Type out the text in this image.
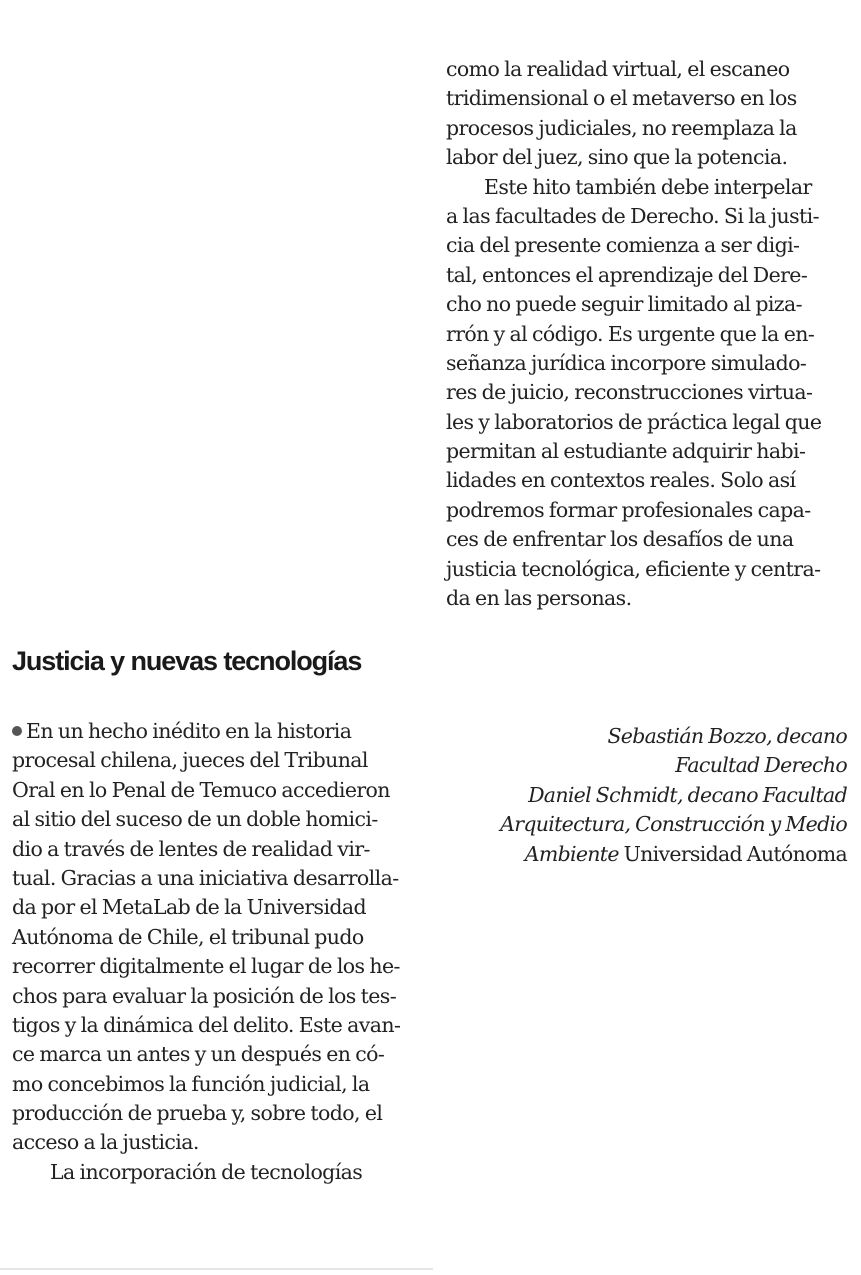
Justicia y nuevas tecnologías
En un hecho inédito en la historia
procesal chilena, jueces del Tribunal
Oral en lo Penal de Temuco accedieron
al sitio del suceso de un doble homici-
dio a través de lentes de realidad vir-
tual. Gracias a una iniciativa desarrolla-
da por el MetaLab de la Universidad
Autónoma de Chile, el tribunal pudo
recorrer digitalmente el lugar de los he-
chos para evaluar la posición de los tes-
tigos y la dinámica del delito. Este avan-
ce marca un antes y un después en có-
mo concebimos la función judicial, la
producción de prueba y, sobre todo, el
acceso a la justicia.
La incorporación de tecnologías
como la realidad virtual, el escaneo
tridimensional o el metaverso en los
procesos judiciales, no reemplaza la
labor del juez, sino que la potencia.
Este hito también debe interpelar
a las facultades de Derecho. Si la justi-
cia del presente comienza a ser digi-
tal, entonces el aprendizaje del Dere-
cho no puede seguir limitado al piza-
rrón y al código. Es urgente que la en-
señanza jurídica incorpore simulado-
res de juicio, reconstrucciones virtua-
les y laboratorios de práctica legal que
permitan al estudiante adquirir habi-
lidades en contextos reales. Solo así
podremos formar profesionales capa-
ces de enfrentar los desafíos de una
justicia tecnológica, eficiente y centra-
da en las personas.
Sebastián Bozzo, decano
Facultad Derecho
Daniel Schmidt, decano Facultad
Arquitectura, Construcción y Medio
Ambiente Universidad Autónoma
